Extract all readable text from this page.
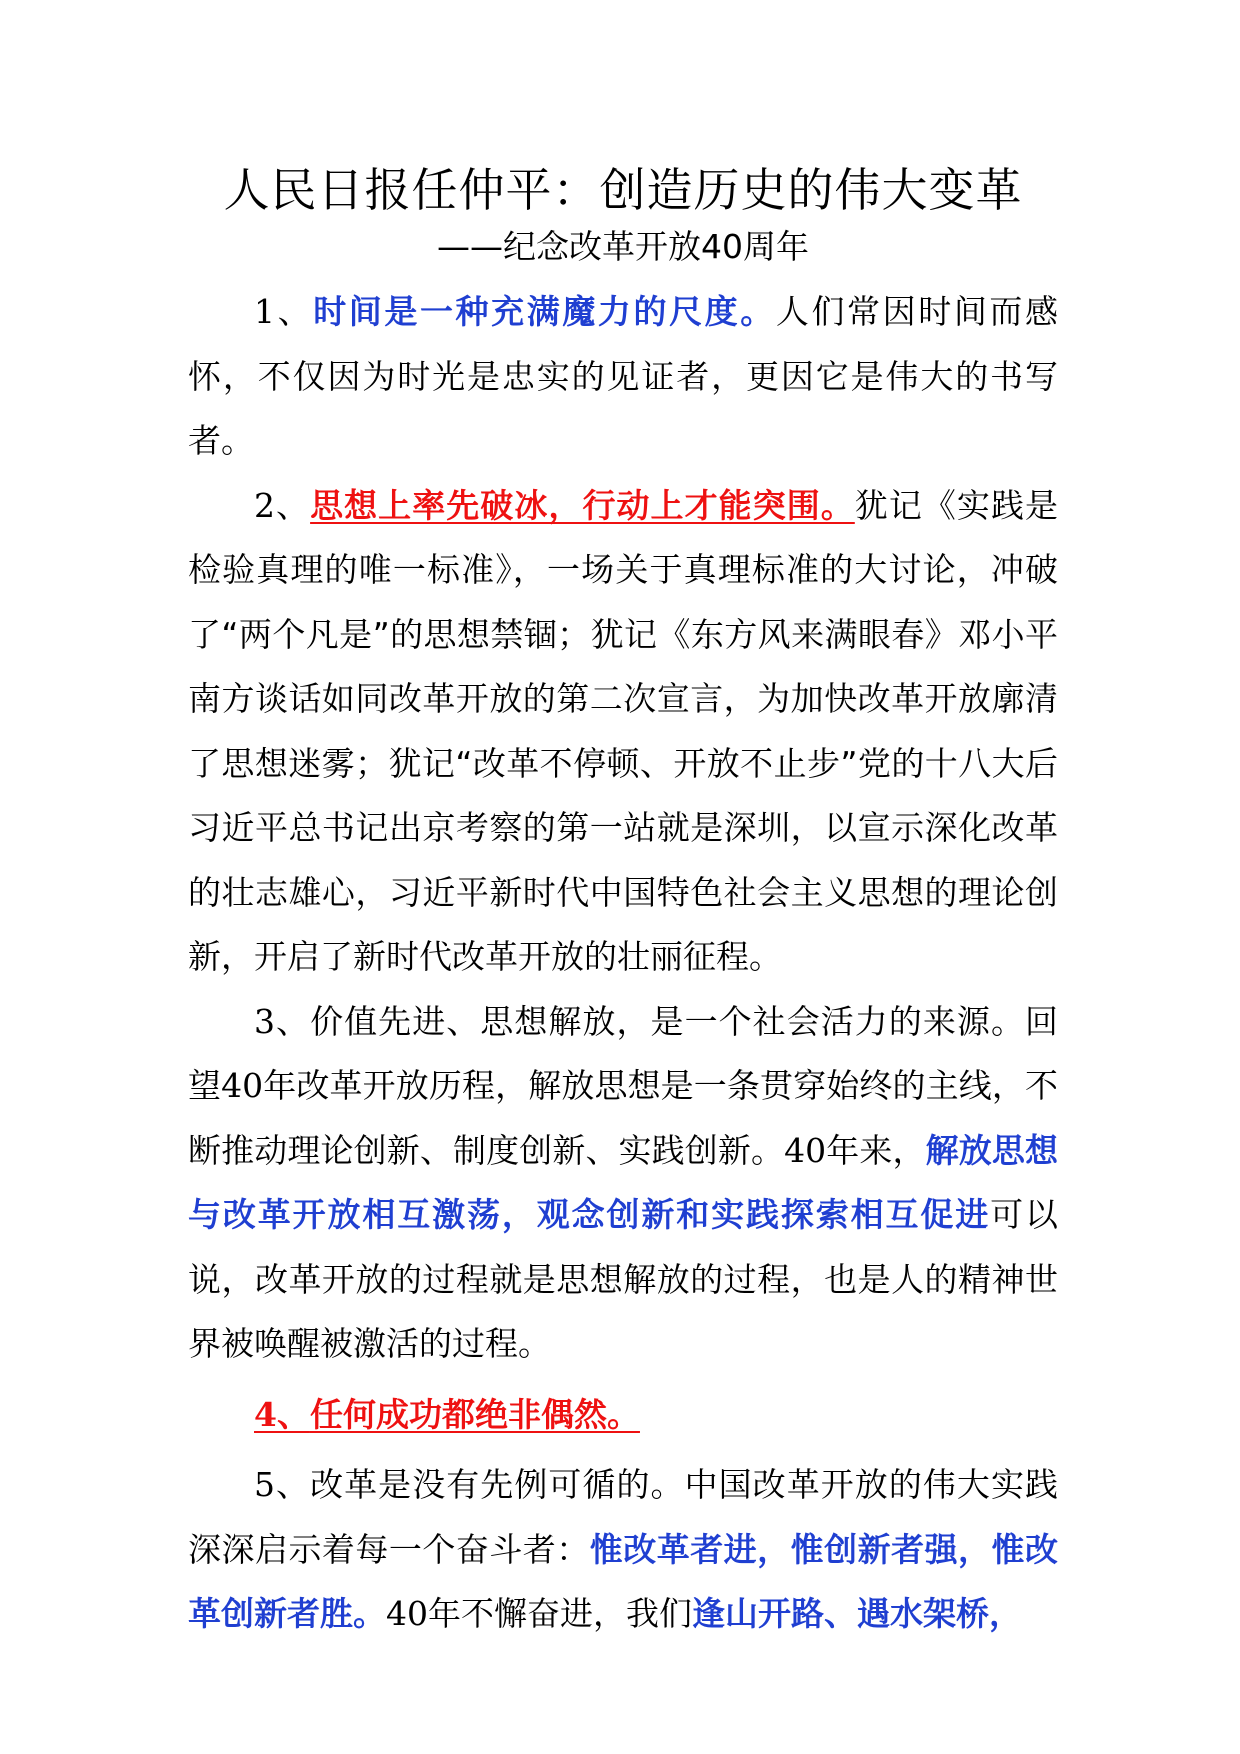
人民日报任仲平：创造历史的伟大变革
——纪念改革开放40周年

1、时间是一种充满魔力的尺度。人们常因时间而感怀，不仅因为时光是忠实的见证者，更因它是伟大的书写者。

2、思想上率先破冰，行动上才能突围。犹记《实践是检验真理的唯一标准》，一场关于真理标准的大讨论，冲破了“两个凡是”的思想禁锢；犹记《东方风来满眼春》邓小平南方谈话如同改革开放的第二次宣言，为加快改革开放廓清了思想迷雾；犹记“改革不停顿、开放不止步”党的十八大后习近平总书记出京考察的第一站就是深圳，以宣示深化改革的壮志雄心，习近平新时代中国特色社会主义思想的理论创新，开启了新时代改革开放的壮丽征程。

3、价值先进、思想解放，是一个社会活力的来源。回望40年改革开放历程，解放思想是一条贯穿始终的主线，不断推动理论创新、制度创新、实践创新。40年来，解放思想与改革开放相互激荡，观念创新和实践探索相互促进可以说，改革开放的过程就是思想解放的过程，也是人的精神世界被唤醒被激活的过程。

4、任何成功都绝非偶然。

5、改革是没有先例可循的。中国改革开放的伟大实践深深启示着每一个奋斗者：惟改革者进，惟创新者强，惟改革创新者胜。40年不懈奋进，我们逢山开路、遇水架桥，
